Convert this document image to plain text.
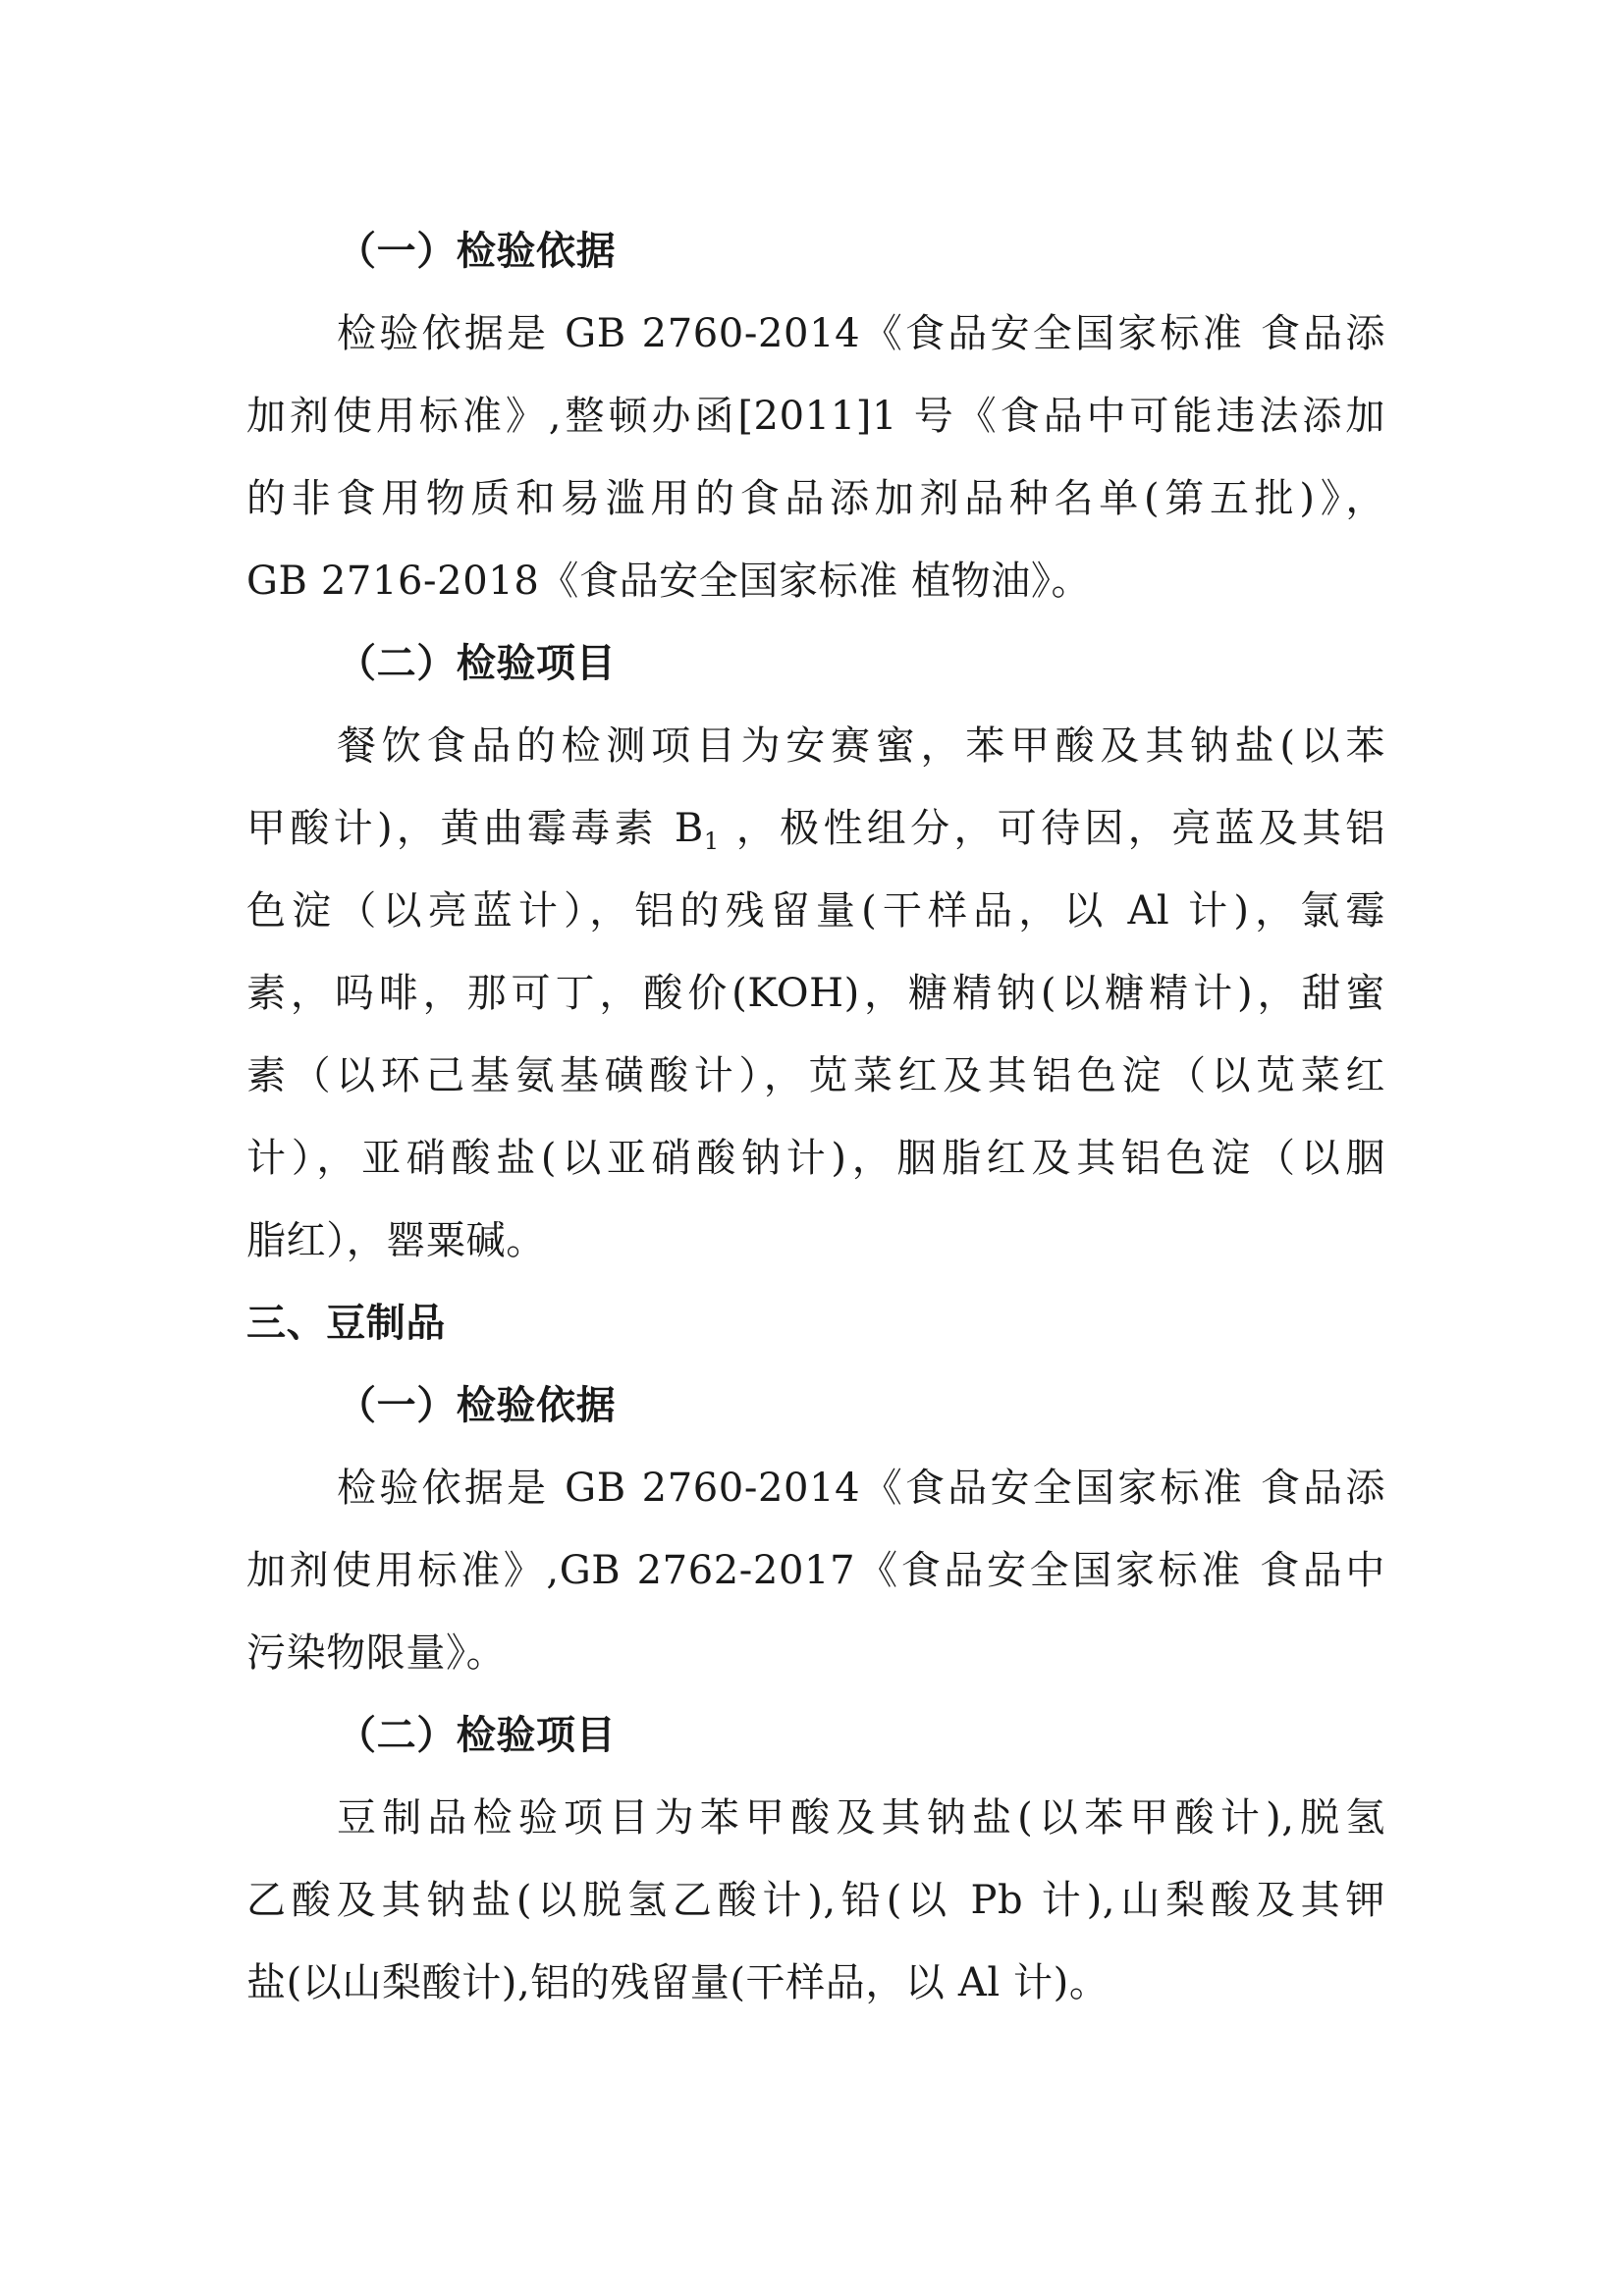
（一）检验依据
检验依据是 GB 2760-2014《食品安全国家标准 食品添
加剂使用标准》,整顿办函[2011]1 号《食品中可能违法添加
的非食用物质和易滥用的食品添加剂品种名单(第五批)》，
GB 2716-2018《食品安全国家标准 植物油》。
（二）检验项目
餐饮食品的检测项目为安赛蜜，苯甲酸及其钠盐(以苯
甲酸计)，黄曲霉毒素 $B_1$ ，极性组分，可待因，亮蓝及其铝
色淀（以亮蓝计），铝的残留量(干样品，以 Al 计)，氯霉
素，吗啡，那可丁，酸价(KOH)，糖精钠(以糖精计)，甜蜜
素（以环己基氨基磺酸计），苋菜红及其铝色淀（以苋菜红
计），亚硝酸盐(以亚硝酸钠计)，胭脂红及其铝色淀（以胭
脂红），罂粟碱。
三、豆制品
（一）检验依据
检验依据是 GB 2760-2014《食品安全国家标准 食品添
加剂使用标准》,GB 2762-2017《食品安全国家标准 食品中
污染物限量》。
（二）检验项目
豆制品检验项目为苯甲酸及其钠盐(以苯甲酸计),脱氢
乙酸及其钠盐(以脱氢乙酸计),铅(以 Pb 计),山梨酸及其钾
盐(以山梨酸计),铝的残留量(干样品，以 Al 计)。
